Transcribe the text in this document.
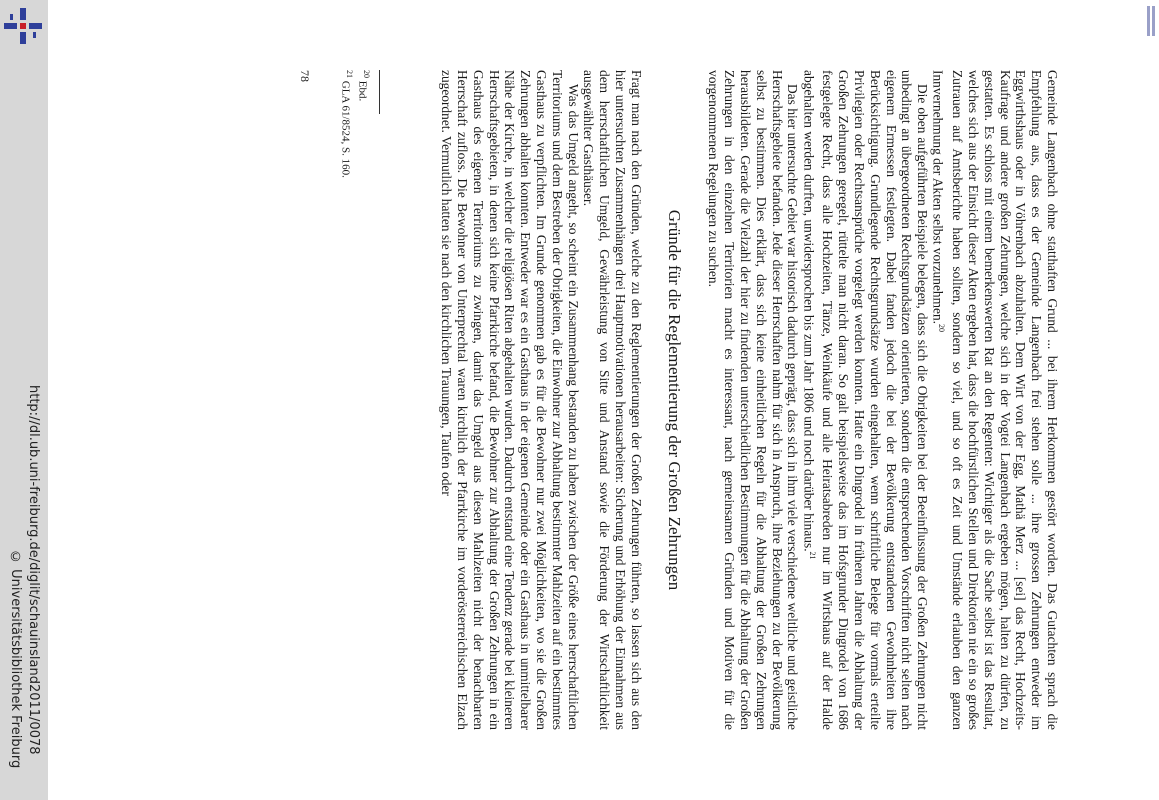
http://dl.ub.uni-freiburg.de/diglit/schauinsland2011/0078
© Universitätsbibliothek Freiburg	Gemeinde Langenbach ohne statthaften Grund ... bei ihrem Herkommen gestört worden. Das Gutachten sprach die Empfehlung aus, dass es der Gemeinde Langenbach frei stehen solle ... ihre grossen Zehrungen entweder im Eggwirthshaus oder in Vöhrenbach abzuhalten. Dem Wirt von der Egg, Mathä Merz ... [sei] das Recht, Hochzeits- Kaufrage und andere großen Zehrungen, welche sich in der Vogtei Langenbach ergeben mögen, halten zu dürfen, zu gestatten. Es schloss mit einem bemerkenswerten Rat an den Regenten: Wichtiger als die Sache selbst ist das Resultat, welches sich aus der Einsicht dieser Akten ergeben hat, dass die hochfürstlichen Stellen und Direktorien nie ein so großes Zutrauen auf Amtsberichte haben sollten, sondern so viel, und so oft es Zeit und Umstände erlauben den ganzen Innvernehmung der Akten selbst vorzunehmen.$^{20}$

Die oben aufgeführten Beispiele belegen, dass sich die Obrigkeiten bei der Beeinflussung der Großen Zehrungen nicht unbedingt an übergeordneten Rechtsgrundsätzen orientierten, sondern die entsprechenden Vorschriften nicht selten nach eigenem Ermessen festlegten. Dabei fanden jedoch die bei der Bevölkerung entstandenen Gewohnheiten ihre Berücksichtigung. Grundlegende Rechtsgrundsätze wurden eingehalten, wenn schriftliche Belege für vormals erteilte Privilegien oder Rechtsansprüche vorgelegt werden konnten. Hatte ein Dingrodel in früheren Jahren die Abhaltung der Großen Zehrungen geregelt, rüttelte man nicht daran. So galt beispielsweise das im Hofsgrunder Dingrodel von 1686 festgelegte Recht, dass alle Hochzeiten, Tänze, Weinkäufe und alle Heiratsabreden nur im Wirtshaus auf der Halde abgehalten werden durften, unwidersprochen bis zum Jahr 1806 und noch darüber hinaus.$^{21}$

Das hier untersuchte Gebiet war historisch dadurch geprägt, dass sich in ihm viele verschiedene weltliche und geistliche Herrschaftsgebiete befanden. Jede dieser Herrschaften nahm für sich in Anspruch, ihre Beziehungen zu der Bevölkerung selbst zu bestimmen. Dies erklärt, dass sich keine einheitlichen Regeln für die Abhaltung der Großen Zehrungen herausbildeten. Gerade die Vielzahl der hier zu findenden unterschiedlichen Bestimmungen für die Abhaltung der Großen Zehrungen in den einzelnen Territorien macht es interessant, nach gemeinsamen Gründen und Motiven für die vorgenommenen Regelungen zu suchen.

Gründe für die Reglementierung der Großen Zehrungen

Fragt man nach den Gründen, welche zu den Reglementierungen der Großen Zehrungen führten, so lassen sich aus den hier untersuchten Zusammenhängen drei Hauptmotivationen herausarbeiten: Sicherung und Erhöhung der Einnahmen aus dem herrschaftlichen Umgeld, Gewährleistung von Sitte und Anstand sowie die Förderung der Wirtschaftlichkeit ausgewählter Gasthäuser.

Was das Umgeld angeht, so scheint ein Zusammenhang bestanden zu haben zwischen der Größe eines herrschaftlichen Territoriums und dem Bestreben der Obrigkeiten, die Einwohner zur Abhaltung bestimmter Mahlzeiten auf ein bestimmtes Gasthaus zu verpflichten. Im Grunde genommen gab es für die Bewohner nur zwei Möglichkeiten, wo sie die Großen Zehrungen abhalten konnten. Entweder war es ein Gasthaus in der eigenen Gemeinde oder ein Gasthaus in unmittelbarer Nähe der Kirche, in welcher die religiösen Riten abgehalten wurden. Dadurch entstand eine Tendenz gerade bei kleineren Herrschaftsgebieten, in denen sich keine Pfarrkirche befand, die Bewohner zur Abhaltung der Großen Zehrungen in ein Gasthaus des eigenen Territoriums zu zwingen, damit das Umgeld aus diesen Mahlzeiten nicht der benachbarten Herrschaft zufloss. Die Bewohner von Unterprechtal waren kirchlich der Pfarrkirche im vorderösterreichischen Elzach zugeordnet. Vermutlich hatten sie nach den kirchlichen Trauungen, Taufen oder

$^{20}$ Ebd.
$^{21}$ GLA 61/8524, S. 160.
78
